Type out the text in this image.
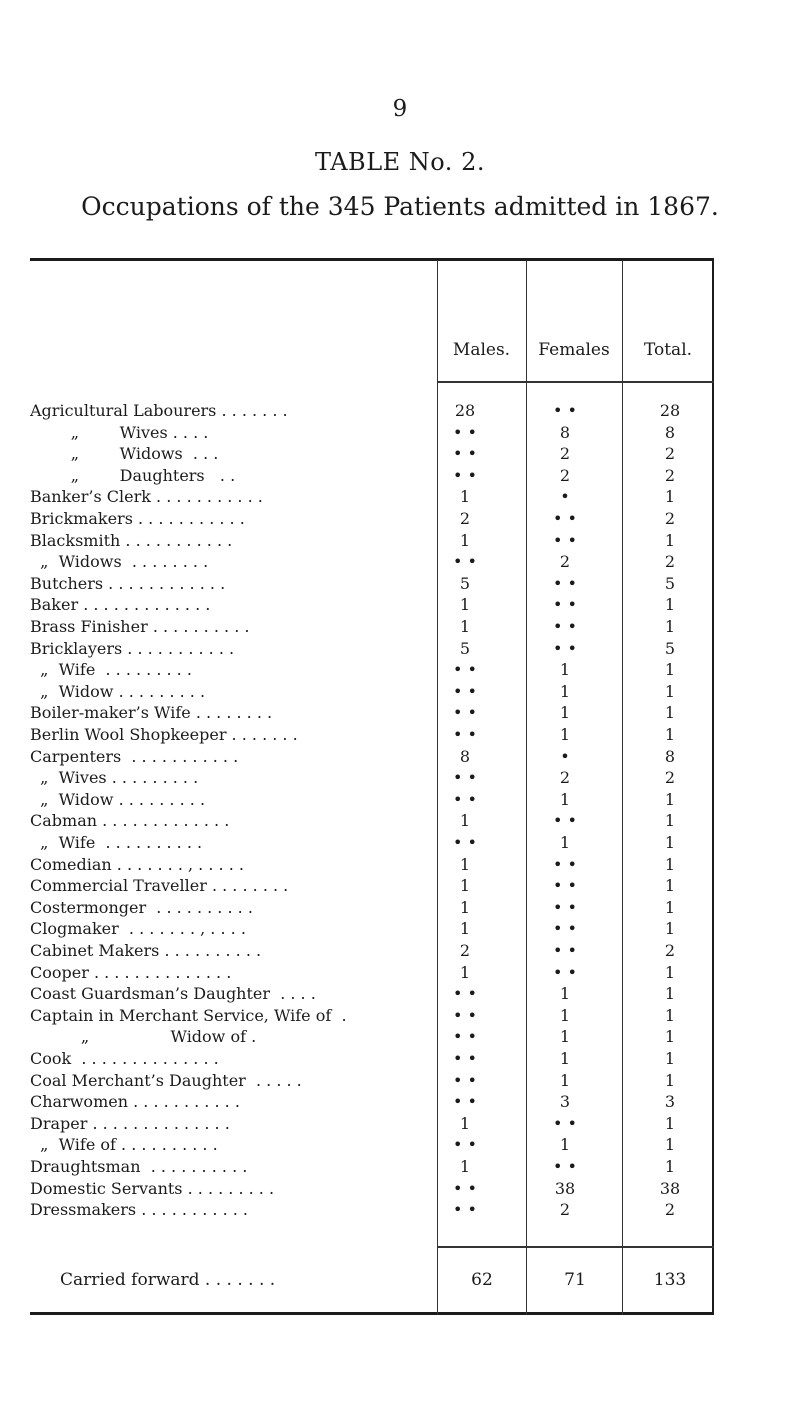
9
TABLE No. 2.
Occupations of the 345 Patients admitted in 1867.
Males.	Females	Total.
Agricultural Labourers . . . . . . .	28	• •	28
„        Wives . . . .	• •	8	8
„        Widows  . . .	• •	2	2
„        Daughters   . .	• •	2	2
Banker’s Clerk . . . . . . . . . . .	1	•	1
Brickmakers . . . . . . . . . . .	2	• •	2
Blacksmith . . . . . . . . . . .	1	• •	1
„  Widows  . . . . . . . .	• •	2	2
Butchers . . . . . . . . . . . .	5	• •	5
Baker . . . . . . . . . . . . .	1	• •	1
Brass Finisher . . . . . . . . . .	1	• •	1
Bricklayers . . . . . . . . . . .	5	• •	5
„  Wife  . . . . . . . . .	• •	1	1
„  Widow . . . . . . . . .	• •	1	1
Boiler-maker’s Wife . . . . . . . .	• •	1	1
Berlin Wool Shopkeeper . . . . . . .	• •	1	1
Carpenters  . . . . . . . . . . .	8	•	8
„  Wives . . . . . . . . .	• •	2	2
„  Widow . . . . . . . . .	• •	1	1
Cabman . . . . . . . . . . . . .	1	• •	1
„  Wife  . . . . . . . . . .	• •	1	1
Comedian . . . . . . . , . . . . .	1	• •	1
Commercial Traveller . . . . . . . .	1	• •	1
Costermonger  . . . . . . . . . .	1	• •	1
Clogmaker  . . . . . . . , . . . .	1	• •	1
Cabinet Makers . . . . . . . . . .	2	• •	2
Cooper . . . . . . . . . . . . . .	1	• •	1
Coast Guardsman’s Daughter  . . . .	• •	1	1
Captain in Merchant Service, Wife of  .	• •	1	1
„                Widow of .	• •	1	1
Cook  . . . . . . . . . . . . . .	• •	1	1
Coal Merchant’s Daughter  . . . . .	• •	1	1
Charwomen . . . . . . . . . . .	• •	3	3
Draper . . . . . . . . . . . . . .	1	• •	1
„  Wife of . . . . . . . . . .	• •	1	1
Draughtsman  . . . . . . . . . .	1	• •	1
Domestic Servants . . . . . . . . .	• •	38	38
Dressmakers . . . . . . . . . . .	• •	2	2
Carried forward . . . . . . .	62	71	133
